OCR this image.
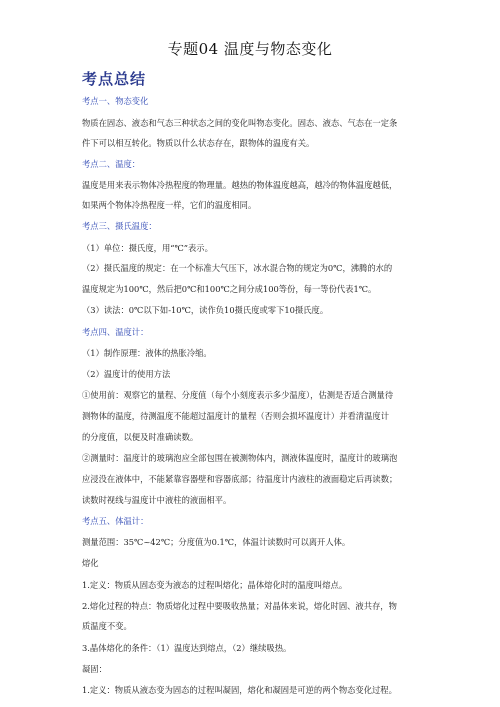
专题04 温度与物态变化
考点总结
考点一、物态变化
物质在固态、液态和气态三种状态之间的变化叫物态变化。固态、液态、气态在一定条
件下可以相互转化。物质以什么状态存在，跟物体的温度有关。
考点二、温度：
温度是用来表示物体冷热程度的物理量。越热的物体温度越高，越冷的物体温度越低，
如果两个物体冷热程度一样，它们的温度相同。
考点三、摄氏温度：
（1）单位：摄氏度，用“℃”表示。
（2）摄氏温度的规定：在一个标准大气压下，冰水混合物的规定为0℃，沸腾的水的
温度规定为100℃，然后把0℃和100℃之间分成100等份，每一等份代表1℃。
（3）读法：0℃以下如-10℃，读作负10摄氏度或零下10摄氏度。
考点四、温度计：
（1）制作原理：液体的热胀冷缩。
（2）温度计的使用方法
①使用前：观察它的量程、分度值（每个小刻度表示多少温度），估测是否适合测量待
测物体的温度，待测温度不能超过温度计的量程（否则会损坏温度计）并看清温度计
的分度值，以便及时准确读数。
②测量时：温度计的玻璃泡应全部包围在被测物体内，测液体温度时，温度计的玻璃泡
应浸没在液体中，不能紧靠容器壁和容器底部；待温度计内液柱的液面稳定后再读数；
读数时视线与温度计中液柱的液面相平。
考点五、体温计：
测量范围：35℃~42℃；分度值为0.1℃，体温计读数时可以离开人体。
熔化
1.定义：物质从固态变为液态的过程叫熔化；晶体熔化时的温度叫熔点。
2.熔化过程的特点：物质熔化过程中要吸收热量；对晶体来说，熔化时固、液共存，物
质温度不变。
3.晶体熔化的条件：（1）温度达到熔点，（2）继续吸热。
凝固：
1.定义：物质从液态变为固态的过程叫凝固，熔化和凝固是可逆的两个物态变化过程。
